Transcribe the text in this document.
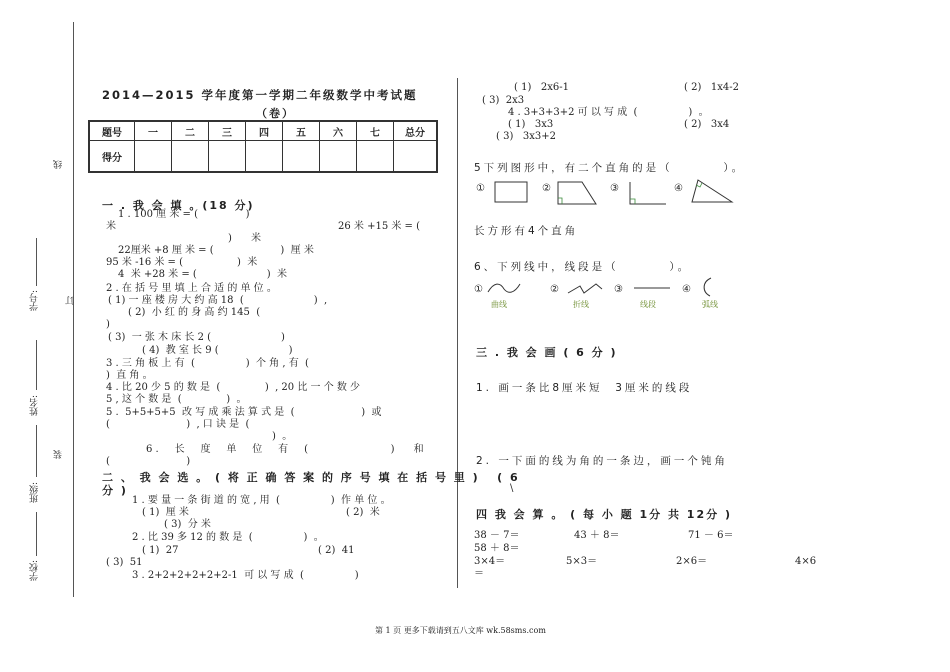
线
订
装
学号:
姓名:
班级:
学校:
2014—2015 学年度第一学期二年级数学中考试题
（卷）
题号	一	二	三	四	五	六	七	总分
得分								
一 . 我 会 填 。(18 分)
1 . 100 厘 米 = (               )
米	26 米 +15 米 = (
)      米
22厘米 +8 厘 米 = (                     )  厘 米
95 米 -16 米 = (                 )  米
4  米 +28 米 = (                      )  米
2 . 在 括 号 里 填 上 合 适 的 单 位 。
( 1) 一 座 楼 房 大 约 高 18  (                      )  ,
( 2)  小 红 的 身 高 约 145  (
)
( 3)  一 张 木 床 长 2 (                      )
( 4)  教 室 长 9 (                      )
3 . 三 角 板 上 有  (                )  个 角 , 有  (
)  直 角 。
4 . 比 20 少 5 的 数 是  (              )  , 20 比 一 个 数 少
5 , 这 个 数 是  (              )  。
5 .  5+5+5+5  改 写 成 乘 法 算 式 是  (                     )  或
(                        )  , 口 诀 是  (
)  。
6 .     长     度     单     位     有     (                          )      和
(                        )
二 、 我 会 选 。 ( 将 正 确 答 案 的 序 号 填 在 括 号 里 )   ( 6
分 )
1 . 要 量 一 条 街 道 的 宽 , 用  (                )  作 单 位 。
( 1)  厘 米	( 2)  米
( 3)  分 米
2 . 比 39 多 12 的 数 是  (                )  。
( 1)  27	( 2)  41
( 3)  51
3 . 2+2+2+2+2+2-1  可 以 写 成  (                )
( 1)   2x6-1	( 2)   1x4-2
( 3)  2x3
4 . 3+3+3+2 可 以 写 成  (                )  。
( 1)   3x3	( 2)   3x4
( 3)   3x3+2
5下列图形中，有二个直角的是（        ）。
①	②	③	④
长方形有4个直角
6、下列线中，线段是（        ）。
①
曲线
②
折线
③
线段
④
弧线
三 . 我 会 画 ( 6 分 )
1. 画一条比8厘米短  3厘米的线段
2. 一下面的线为角的一条边，画一个钝角
\
四 我 会 算 。 ( 每 小 题 1分 共 12分 )
38 － 7＝	43 ＋ 8＝	71 － 6＝
58 ＋ 8＝
3×4＝	5×3＝	2×6＝	4×6
＝
第 1 页 更多下载请到五八文库 wk.58sms.com
